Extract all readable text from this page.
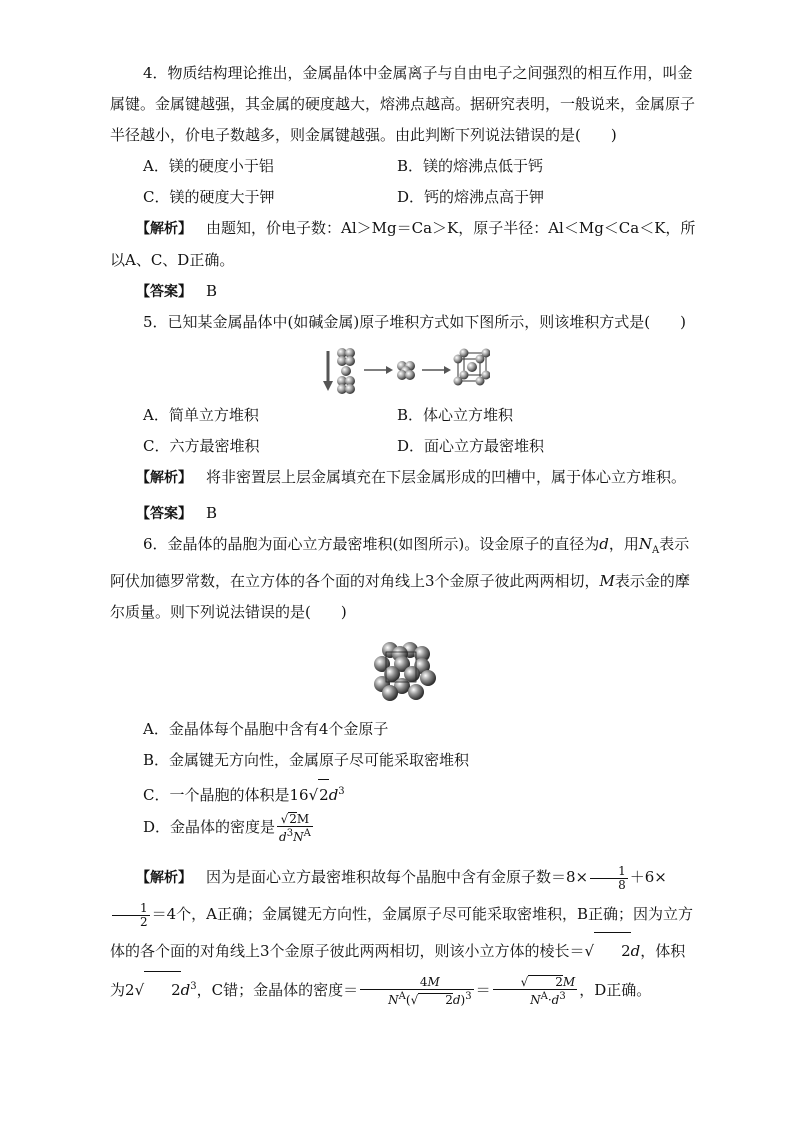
4．物质结构理论推出，金属晶体中金属离子与自由电子之间强烈的相互作用，叫金属键。金属键越强，其金属的硬度越大，熔沸点越高。据研究表明，一般说来，金属原子半径越小，价电子数越多，则金属键越强。由此判断下列说法错误的是(　　)

A．镁的硬度小于铝	B．镁的熔沸点低于钙
C．镁的硬度大于钾	D．钙的熔沸点高于钾

【解析】 由题知，价电子数：Al＞Mg＝Ca＞K，原子半径：Al＜Mg＜Ca＜K，所以A、C、D正确。

【答案】 B

5．已知某金属晶体中(如碱金属)原子堆积方式如下图所示，则该堆积方式是(　　)

A．简单立方堆积	B．体心立方堆积
C．六方最密堆积	D．面心立方最密堆积

【解析】 将非密置层上层金属填充在下层金属形成的凹槽中，属于体心立方堆积。

【答案】 B

6．金晶体的晶胞为面心立方最密堆积(如图所示)。设金原子的直径为d，用$N_A$表示阿伏加德罗常数，在立方体的各个面的对角线上3个金原子彼此两两相切，M表示金的摩尔质量。则下列说法错误的是(　　)

A．金晶体每个晶胞中含有4个金原子
B．金属键无方向性，金属原子尽可能采取密堆积
C．一个晶胞的体积是$16√2d^3$
D．金晶体的密度是 $\frac{√2M}{d^3N^A}$

【解析】 因为是面心立方最密堆积故每个晶胞中含有金原子数$=8\times \frac{1}{8} +6\times$
$\frac{1}{2} =4$个，A正确；金属键无方向性，金属原子尽可能采取密堆积，B正确；因为立方体的各个面的对角线上3个金原子彼此两两相切，则该小立方体的棱长＝√ 2d，体积为2√ $2d^3$，C错；金晶体的密度＝ $\frac{4M}{N^A(√ 2d)^3} = \frac{√ 2M}{N^A\cdot d^3}$ ，D正确。
